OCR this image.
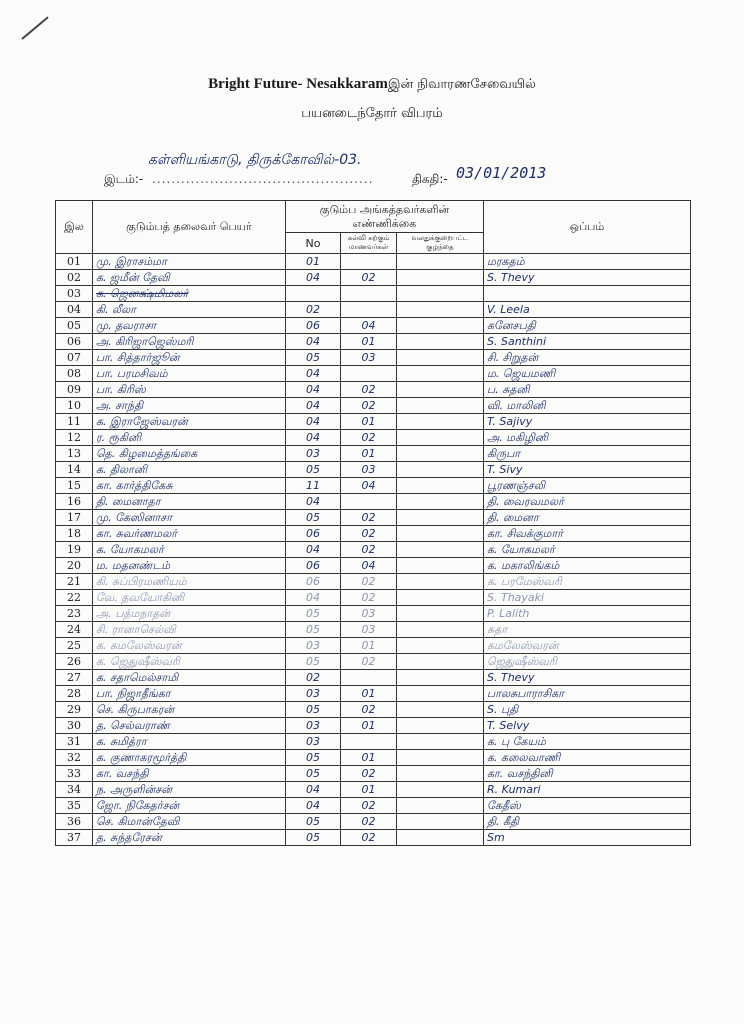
Bright Future- Nesakkaramஇன் நிவாரணசேவையில்
பயனடைந்தோர் விபரம்
கள்ளியங்காடு, திருக்கோவில்-03.
இடம்:- ..............................................	திகதி:- 03/01/2013
இல	குடும்பத் தலைவர் பெயர்	குடும்ப அங்கத்தவர்களின் எண்ணிக்கை			ஒப்பம்
		No	கல்வி கற்கும் மாணவர்கள்	வலதுக்குறைபட்ட குழந்தை	
01	மு. இராசம்மா	01			மரகதம்
02	க. ஜமீன் தேவி	04	02		S. Thevy
03	க. ஜெனக்ஷ்மிமலர்				
04	கி. லீலா	02			V. Leela
05	மு. தவராசா	06	04		கனேசபதி
06	அ. கிரிஜாஜெஸ்மரி	04	01		S. Santhini
07	பா. சித்தார்ஜூன்	05	03		சி. சிறுதன்
08	பா. பரமசிவம்	04			ம. ஜெயமணி
09	பா. கிரிஸ்	04	02		ப. சுதனி
10	அ. சாந்தி	04	02		வி. மாலினி
11	க. இராஜேஸ்வரன்	04	01		T. Sajivy
12	ர. ரூகினி	04	02		அ. மகிழினி
13	தெ. கிழமைத்தங்கை	03	01		கிருபா
14	க. திலானி	05	03		T. Sivy
15	கா. கார்த்திகேசு	11	04		பூரணஞ்சலி
16	தி. மைனாதா	04			தி. வைரவமலர்
17	மு. கேஸினாசா	05	02		தி. மைனா
18	கா. சுவர்ணமலர்	06	02		கா. சிவக்குமார்
19	க. யோகமலர்	04	02		க. யோகமலர்
20	ம. மதனண்டம்	06	04		க. மகாலிங்கம்
21	கி. சுப்பிரமணியம்	06	02		க. பரமேஸ்வரி
22	வே. தவயோகினி	04	02		S. Thayaki
23	அ. பத்மநாதன்	05	03		P. Lalith
24	சி. ரானாசெல்வி	05	03		சுதா
25	க. கமலேஸ்வரன்	03	01		கமலேஸ்வரன்
26	க. ஜெதுஷீஸ்வரி	05	02		ஜெதுஷீஸ்வரி
27	க. சதாமெல்சாமி	02			S. Thevy
28	பா. நிஜாதீங்கா	03	01		பாலசுபாராசிகா
29	செ. கிருபாகரன்	05	02		S. புதி
30	த. செல்வராண்	03	01		T. Selvy
31	க. சுமித்ரா	03			க. பு கேயம்
32	க. குணாகரமூர்த்தி	05	01		க. கலைவாணி
33	கா. வசந்தி	05	02		கா. வசந்தினி
34	ந. அருளின்சன்	04	01		R. Kumari
35	ஜோ. நிகேதர்சன்	04	02		கேதீஸ்
36	செ. கிமான்தேவி	05	02		தி. கீதி
37	த. சுந்தரேசன்	05	02		Sm
